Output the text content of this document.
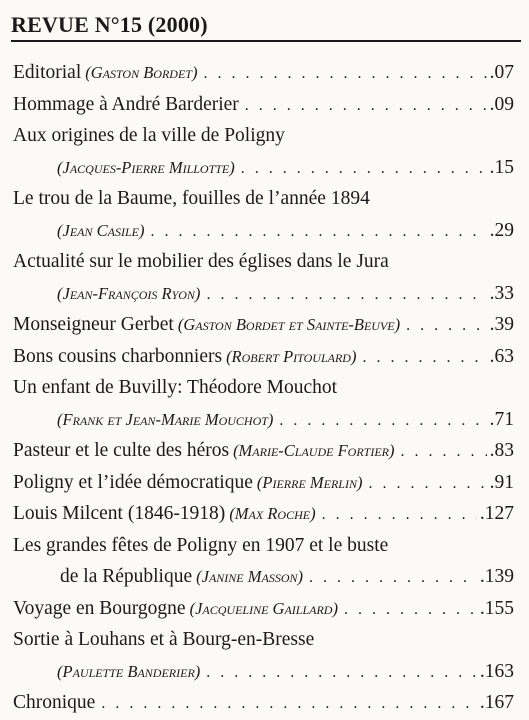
REVUE N°15 (2000)
Editorial (Gaston Bordet) . . .	.07
Hommage à André Barderier . . .	.09
Aux origines de la ville de Poligny
(Jacques-Pierre Millotte) . . .	.15
Le trou de la Baume, fouilles de l’année 1894
(Jean Casile) . . .	.29
Actualité sur le mobilier des églises dans le Jura
(Jean-François Ryon) . . .	.33
Monseigneur Gerbet (Gaston Bordet et Sainte-Beuve) . . .	.39
Bons cousins charbonniers (Robert Pitoulard) . . .	.63
Un enfant de Buvilly: Théodore Mouchot
(Frank et Jean-Marie Mouchot) . . .	.71
Pasteur et le culte des héros (Marie-Claude Fortier) . . .	.83
Poligny et l’idée démocratique (Pierre Merlin) . . .	.91
Louis Milcent (1846-1918) (Max Roche) . . .	.127
Les grandes fêtes de Poligny en 1907 et le buste
de la République (Janine Masson) . . .	.139
Voyage en Bourgogne (Jacqueline Gaillard) . . .	.155
Sortie à Louhans et à Bourg-en-Bresse
(Paulette Banderier) . . .	.163
Chronique . . .	.167
